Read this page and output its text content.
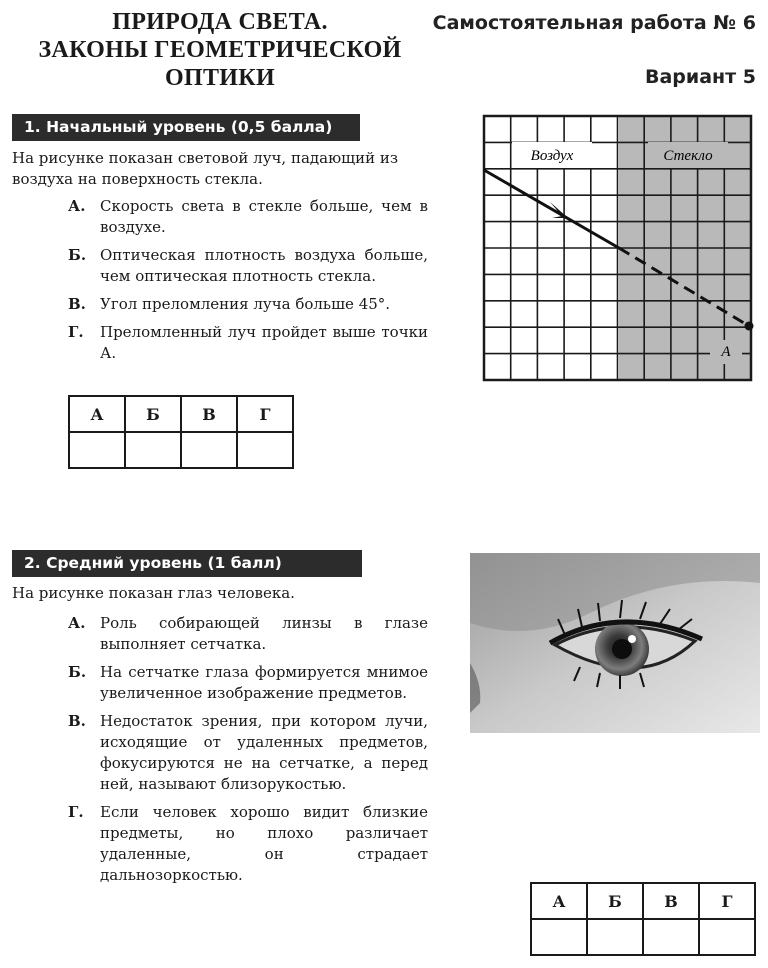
ПРИРОДА СВЕТА.
ЗАКОНЫ ГЕОМЕТРИЧЕСКОЙ
ОПТИКИ
Самостоятельная работа № 6
Вариант 5
1. Начальный уровень (0,5 балла)
На рисунке показан световой луч, падающий из воздуха на поверхность стекла.
А. Скорость света в стекле больше, чем в воздухе.
Б. Оптическая плотность воздуха больше, чем оптическая плотность стекла.
В. Угол преломления луча больше 45°.
Г.	Преломленный луч пройдет выше точки А.
А	Б	В	Г

Воздух	Стекло
А
2. Средний уровень (1 балл)
На рисунке показан глаз человека.
А. Роль собирающей линзы в глазе выполняет сетчатка.
Б. На сетчатке глаза формируется мнимое увеличенное изображение предметов.
В. Недостаток зрения, при котором лучи, исходящие от удаленных предметов, фокусируются не на сетчатке, а перед ней, называют близорукостью.
Г.	Если человек хорошо видит близкие предметы, но плохо различает удаленные, он страдает дальнозоркостью.
А	Б	В	Г
